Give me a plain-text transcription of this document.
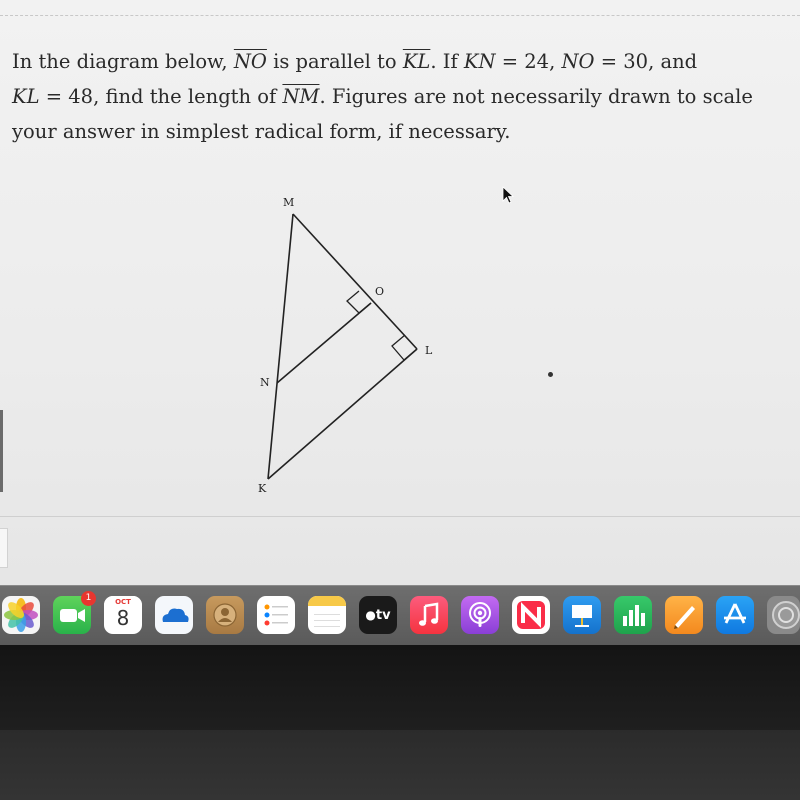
In the diagram below, $\overline{NO}$ is parallel to $\overline{KL}$. If KN = 24, NO = 30, and
KL = 48, find the length of $\overline{NM}$. Figures are not necessarily drawn to scale
your answer in simplest radical form, if necessary.
M
O
L
N
K
OCT
8	●tv
1
